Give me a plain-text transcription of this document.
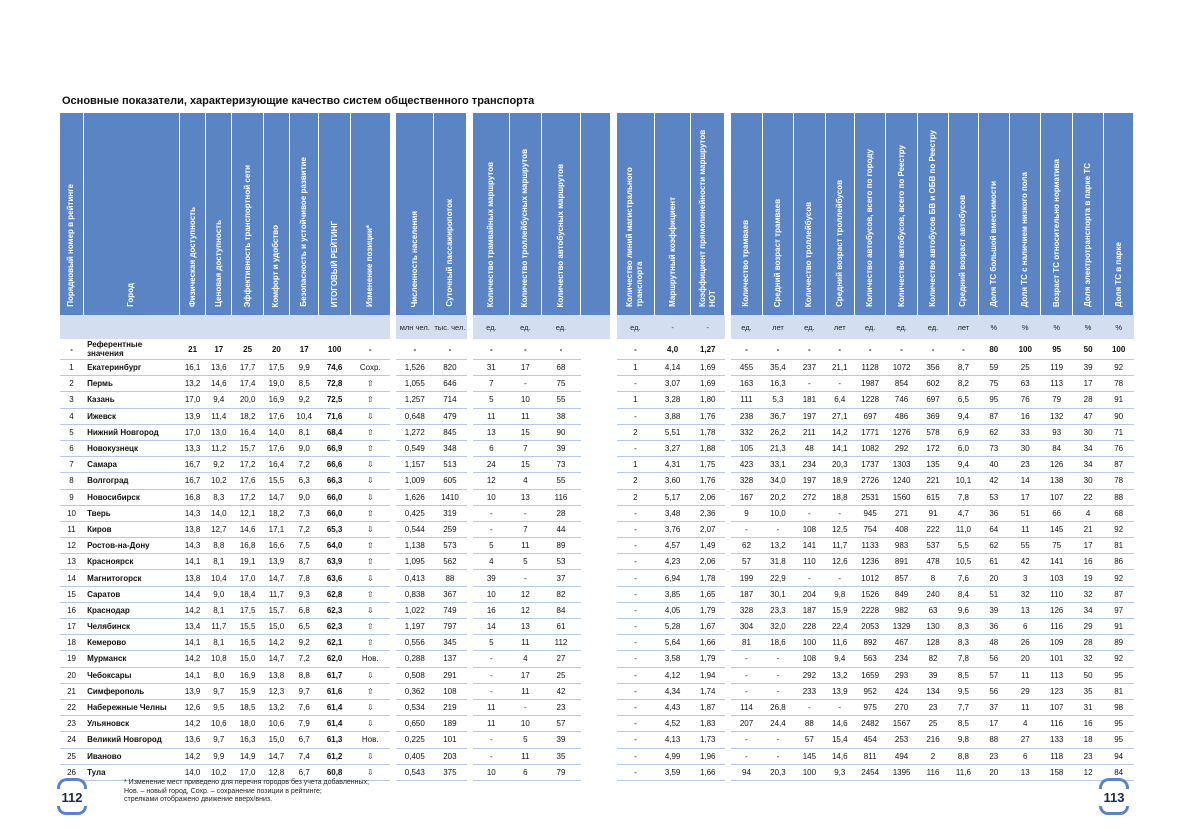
Основные показатели, характеризующие качество систем общественного транспорта
Порядковый номер в рейтинге	Город	Физическая доступность	Ценовая доступность	Эффективность транспортной сети	Комфорт и удобство	Безопасность и устойчивое развитие	ИТОГОВЫЙ РЕЙТИНГ	Изменение позиции*		Численность населения	Суточный пассажиропоток		Количество трамвайных маршрутов	Количество троллейбусных маршрутов	Количество автобусных маршрутов			Количество линий магистрального транспорта	Маршрутный коэффициент	Коэффициент прямолинейности маршрутов НОТ		Количество трамваев	Средний возраст трамваев	Количество троллейбусов	Средний возраст троллейбусов	Количество автобусов, всего по городу	Количество автобусов, всего по Реестру	Количество автобусов БВ и ОБВ по Реестру	Средний возраст автобусов	Доля ТС большой вместимости	Доля ТС с наличием низкого пола	Возраст ТС относительно норматива	Доля электротранспорта в парке ТС	Доля ТС в парке
										млн чел.	тыс. чел.		ед.	ед.	ед.			ед.	-	-		ед.	лет	ед.	лет	ед.	ед.	ед.	лет	%	%	%	%	%
-	Референтные значения	21	17	25	20	17	100	-		-	-		-	-	-			-	4,0	1,27		-	-	-	-	-	-	-	-	80	100	95	50	100
1	Екатеринбург	16,1	13,6	17,7	17,5	9,9	74,6	Сохр.		1,526	820		31	17	68			1	4,14	1,69		455	35,4	237	21,1	1128	1072	356	8,7	59	25	119	39	92
2	Пермь	13,2	14,6	17,4	19,0	8,5	72,8	⇧		1,055	646		7	-	75			-	3,07	1,69		163	16,3	-	-	1987	854	602	8,2	75	63	113	17	78
3	Казань	17,0	9,4	20,0	16,9	9,2	72,5	⇧		1,257	714		5	10	55			1	3,28	1,80		111	5,3	181	6,4	1228	746	697	6,5	95	76	79	28	91
4	Ижевск	13,9	11,4	18,2	17,6	10,4	71,6	⇩		0,648	479		11	11	38			-	3,88	1,76		238	36,7	197	27,1	697	486	369	9,4	87	16	132	47	90
5	Нижний Новгород	17,0	13,0	16,4	14,0	8,1	68,4	⇧		1,272	845		13	15	90			2	5,51	1,78		332	26,2	211	14,2	1771	1276	578	6,9	62	33	93	30	71
6	Новокузнецк	13,3	11,2	15,7	17,6	9,0	66,9	⇧		0,549	348		6	7	39			-	3,27	1,88		105	21,3	48	14,1	1082	292	172	6,0	73	30	84	34	76
7	Самара	16,7	9,2	17,2	16,4	7,2	66,6	⇩		1,157	513		24	15	73			1	4,31	1,75		423	33,1	234	20,3	1737	1303	135	9,4	40	23	126	34	87
8	Волгоград	16,7	10,2	17,6	15,5	6,3	66,3	⇩		1,009	605		12	4	55			2	3,60	1,76		328	34,0	197	18,9	2726	1240	221	10,1	42	14	138	30	78
9	Новосибирск	16,8	8,3	17,2	14,7	9,0	66,0	⇩		1,626	1410		10	13	116			2	5,17	2,06		167	20,2	272	18,8	2531	1560	615	7,8	53	17	107	22	88
10	Тверь	14,3	14,0	12,1	18,2	7,3	66,0	⇧		0,425	319		-	-	28			-	3,48	2,36		9	10,0	-	-	945	271	91	4,7	36	51	66	4	68
11	Киров	13,8	12,7	14,6	17,1	7,2	65,3	⇩		0,544	259		-	7	44			-	3,76	2,07		-	-	108	12,5	754	408	222	11,0	64	11	145	21	92
12	Ростов-на-Дону	14,3	8,8	16,8	16,6	7,5	64,0	⇧		1,138	573		5	11	89			-	4,57	1,49		62	13,2	141	11,7	1133	983	537	5,5	62	55	75	17	81
13	Красноярск	14,1	8,1	19,1	13,9	8,7	63,9	⇧		1,095	562		4	5	53			-	4,23	2,06		57	31,8	110	12,6	1236	891	478	10,5	61	42	141	16	86
14	Магнитогорск	13,8	10,4	17,0	14,7	7,8	63,6	⇩		0,413	88		39	-	37			-	6,94	1,78		199	22,9	-	-	1012	857	8	7,6	20	3	103	19	92
15	Саратов	14,4	9,0	18,4	11,7	9,3	62,8	⇧		0,838	367		10	12	82			-	3,85	1,65		187	30,1	204	9,8	1526	849	240	8,4	51	32	110	32	87
16	Краснодар	14,2	8,1	17,5	15,7	6,8	62,3	⇩		1,022	749		16	12	84			-	4,05	1,79		328	23,3	187	15,9	2228	982	63	9,6	39	13	126	34	97
17	Челябинск	13,4	11,7	15,5	15,0	6,5	62,3	⇧		1,197	797		14	13	61			-	5,28	1,67		304	32,0	228	22,4	2053	1329	130	8,3	36	6	116	29	91
18	Кемерово	14,1	8,1	16,5	14,2	9,2	62,1	⇧		0,556	345		5	11	112			-	5,64	1,66		81	18,6	100	11,6	892	467	128	8,3	48	26	109	28	89
19	Мурманск	14,2	10,8	15,0	14,7	7,2	62,0	Нов.		0,288	137		-	4	27			-	3,58	1,79		-	-	108	9,4	563	234	82	7,8	56	20	101	32	92
20	Чебоксары	14,1	8,0	16,9	13,8	8,8	61,7	⇩		0,508	291		-	17	25			-	4,12	1,94		-	-	292	13,2	1659	293	39	8,5	57	11	113	50	95
21	Симферополь	13,9	9,7	15,9	12,3	9,7	61,6	⇧		0,362	108		-	11	42			-	4,34	1,74		-	-	233	13,9	952	424	134	9,5	56	29	123	35	81
22	Набережные Челны	12,6	9,5	18,5	13,2	7,6	61,4	⇩		0,534	219		11	-	23			-	4,43	1,87		114	26,8	-	-	975	270	23	7,7	37	11	107	31	98
23	Ульяновск	14,2	10,6	18,0	10,6	7,9	61,4	⇩		0,650	189		11	10	57			-	4,52	1,83		207	24,4	88	14,6	2482	1567	25	8,5	17	4	116	16	95
24	Великий Новгород	13,6	9,7	16,3	15,0	6,7	61,3	Нов.		0,225	101		-	5	39			-	4,13	1,73		-	-	57	15,4	454	253	216	9,8	88	27	133	18	95
25	Иваново	14,2	9,9	14,9	14,7	7,4	61,2	⇩		0,405	203		-	11	35			-	4,99	1,96		-	-	145	14,6	811	494	2	8,8	23	6	118	23	94
26	Тула	14,0	10,2	17,0	12,8	6,7	60,8	⇩		0,543	375		10	6	79			-	3,59	1,66		94	20,3	100	9,3	2454	1395	116	11,6	20	13	158	12	84
112
* Изменение мест приведено для перечня городов без учета добавленных;
Нов. – новый город, Сохр. – сохранение позиции в рейтинге;
стрелками отображено движение вверх/вниз.	113
